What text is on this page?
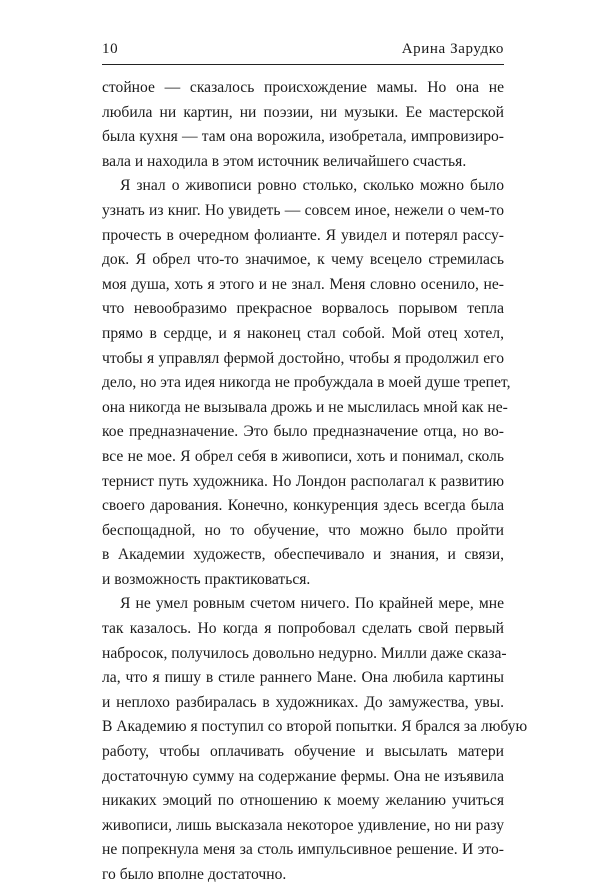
10	Арина Зарудко
стойное — сказалось происхождение мамы. Но она не
любила ни картин, ни поэзии, ни музыки. Ее мастерской
была кухня — там она ворожила, изобретала, импровизиро-
вала и находила в этом источник величайшего счастья.
Я знал о живописи ровно столько, сколько можно было
узнать из книг. Но увидеть — совсем иное, нежели о чем-то
прочесть в очередном фолианте. Я увидел и потерял рассу-
док. Я обрел что-то значимое, к чему всецело стремилась
моя душа, хоть я этого и не знал. Меня словно осенило, не-
что невообразимо прекрасное ворвалось порывом тепла
прямо в сердце, и я наконец стал собой. Мой отец хотел,
чтобы я управлял фермой достойно, чтобы я продолжил его
дело, но эта идея никогда не пробуждала в моей душе трепет,
она никогда не вызывала дрожь и не мыслилась мной как не-
кое предназначение. Это было предназначение отца, но во-
все не мое. Я обрел себя в живописи, хоть и понимал, сколь
тернист путь художника. Но Лондон располагал к развитию
своего дарования. Конечно, конкуренция здесь всегда была
беспощадной, но то обучение, что можно было пройти
в Академии художеств, обеспечивало и знания, и связи,
и возможность практиковаться.
Я не умел ровным счетом ничего. По крайней мере, мне
так казалось. Но когда я попробовал сделать свой первый
набросок, получилось довольно недурно. Милли даже сказа-
ла, что я пишу в стиле раннего Мане. Она любила картины
и неплохо разбиралась в художниках. До замужества, увы.
В Академию я поступил со второй попытки. Я брался за любую
работу, чтобы оплачивать обучение и высылать матери
достаточную сумму на содержание фермы. Она не изъявила
никаких эмоций по отношению к моему желанию учиться
живописи, лишь высказала некоторое удивление, но ни разу
не попрекнула меня за столь импульсивное решение. И это-
го было вполне достаточно.
